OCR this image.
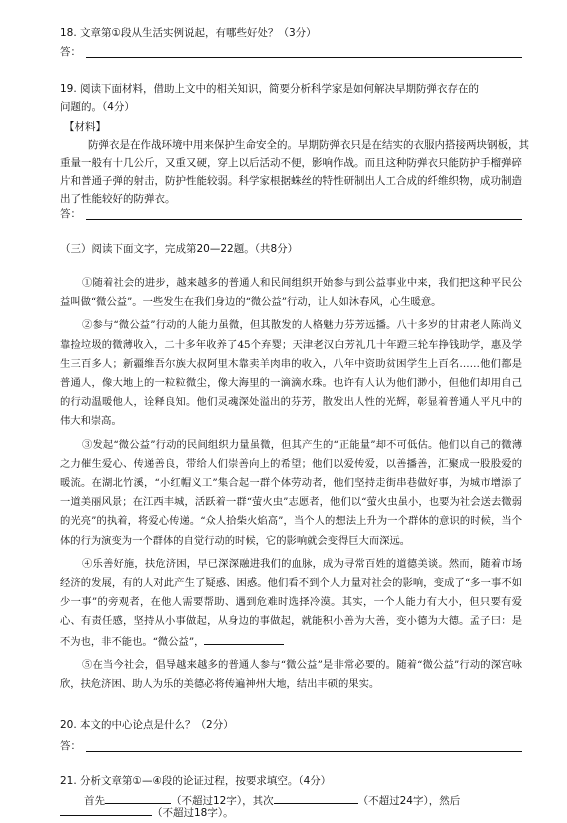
18. 文章第①段从生活实例说起，有哪些好处？（3分）
答：
19. 阅读下面材料，借助上文中的相关知识，简要分析科学家是如何解决早期防弹衣存在的
问题的。（4分）
【材料】

防弹衣是在作战环境中用来保护生命安全的。早期防弹衣只是在结实的衣服内搭接两块钢板，其重量一般有十几公斤，又重又硬，穿上以后活动不便，影响作战。而且这种防弹衣只能防护手榴弹碎片和普通子弹的射击，防护性能较弱。科学家根据蛛丝的特性研制出人工合成的纤维织物，成功制造出了性能较好的防弹衣。

答：
（三）阅读下面文字，完成第20—22题。（共8分）

①随着社会的进步，越来越多的普通人和民间组织开始参与到公益事业中来，我们把这种平民公益叫做“微公益”。一些发生在我们身边的“微公益”行动，让人如沐春风，心生暖意。

②参与“微公益”行动的人能力虽微，但其散发的人格魅力芬芳远播。八十多岁的甘肃老人陈尚义靠捡垃圾的微薄收入，二十多年收养了45个弃婴；天津老汉白芳礼几十年蹬三轮车挣钱助学，惠及学生三百多人；新疆维吾尔族大叔阿里木靠卖羊肉串的收入，八年中资助贫困学生上百名……他们都是普通人，像大地上的一粒粒微尘，像大海里的一滴滴水珠。也许有人认为他们渺小，但他们却用自己的行动温暖他人，诠释良知。他们灵魂深处溢出的芬芳，散发出人性的光辉，彰显着普通人平凡中的伟大和崇高。

③发起“微公益”行动的民间组织力量虽微，但其产生的“正能量”却不可低估。他们以自己的微薄之力催生爱心、传递善良，带给人们崇善向上的希望；他们以爱传爱，以善播善，汇聚成一股股爱的暖流。在湖北竹溪，“小红帽义工”集合起一群个体劳动者，他们坚持走街串巷做好事，为城市增添了一道美丽风景；在江西丰城，活跃着一群“萤火虫”志愿者，他们以“萤火虫虽小，也要为社会送去微弱的光亮”的执着，将爱心传递。“众人拾柴火焰高”，当个人的想法上升为一个群体的意识的时候，当个体的行为演变为一个群体的自觉行动的时候，它的影响就会变得巨大而深远。

④乐善好施，扶危济困，早已深深融进我们的血脉，成为寻常百姓的道德美谈。然而，随着市场经济的发展，有的人对此产生了疑惑、困惑。他们看不到个人力量对社会的影响，变成了“多一事不如少一事”的旁观者，在他人需要帮助、遇到危难时选择冷漠。其实，一个人能力有大小，但只要有爱心、有责任感，坚持从小事做起，从身边的事做起，就能积小善为大善，变小德为大德。孟子曰：是不为也，非不能也。“微公益”，

⑤在当今社会，倡导越来越多的普通人参与“微公益”是非常必要的。随着“微公益”行动的深宫咏欣，扶危济困、助人为乐的美德必将传遍神州大地，结出丰硕的果实。

20. 本文的中心论点是什么？（2分）
答：
21. 分析文章第①—④段的论证过程，按要求填空。（4分）
首先	（不超过12字），其次	（不超过24字），然后
（不超过18字）。
